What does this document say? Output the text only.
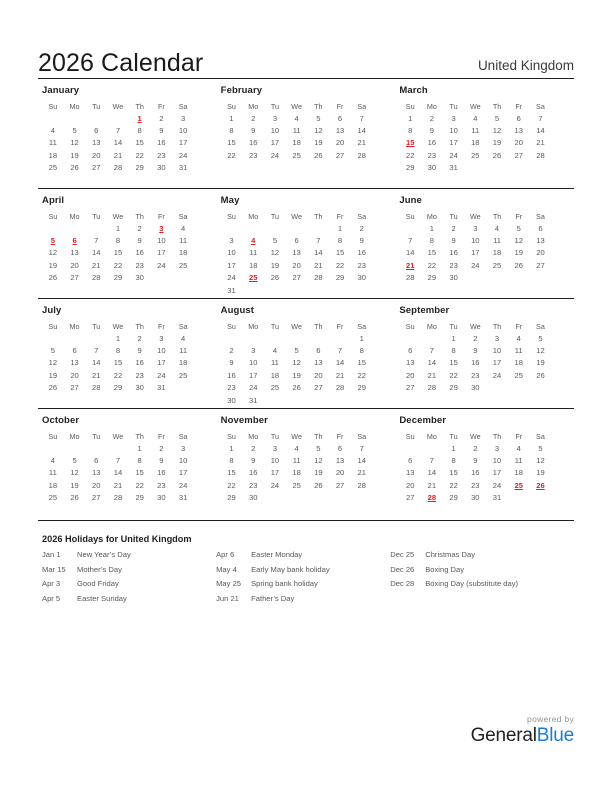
2026 Calendar	United Kingdom
January
Su	Mo	Tu	We	Th	Fr	Sa
				1	2	3
4	5	6	7	8	9	10
11	12	13	14	15	16	17
18	19	20	21	22	23	24
25	26	27	28	29	30	31
February
Su	Mo	Tu	We	Th	Fr	Sa
1	2	3	4	5	6	7
8	9	10	11	12	13	14
15	16	17	18	19	20	21
22	23	24	25	26	27	28
March
Su	Mo	Tu	We	Th	Fr	Sa
1	2	3	4	5	6	7
8	9	10	11	12	13	14
15	16	17	18	19	20	21
22	23	24	25	26	27	28
29	30	31				
April
Su	Mo	Tu	We	Th	Fr	Sa
			1	2	3	4
5	6	7	8	9	10	11
12	13	14	15	16	17	18
19	20	21	22	23	24	25
26	27	28	29	30		
May
Su	Mo	Tu	We	Th	Fr	Sa
					1	2
3	4	5	6	7	8	9
10	11	12	13	14	15	16
17	18	19	20	21	22	23
24	25	26	27	28	29	30
31						
June
Su	Mo	Tu	We	Th	Fr	Sa
	1	2	3	4	5	6
7	8	9	10	11	12	13
14	15	16	17	18	19	20
21	22	23	24	25	26	27
28	29	30				
July
Su	Mo	Tu	We	Th	Fr	Sa
			1	2	3	4
5	6	7	8	9	10	11
12	13	14	15	16	17	18
19	20	21	22	23	24	25
26	27	28	29	30	31	
August
Su	Mo	Tu	We	Th	Fr	Sa
						1
2	3	4	5	6	7	8
9	10	11	12	13	14	15
16	17	18	19	20	21	22
23	24	25	26	27	28	29
30	31					
September
Su	Mo	Tu	We	Th	Fr	Sa
		1	2	3	4	5
6	7	8	9	10	11	12
13	14	15	16	17	18	19
20	21	22	23	24	25	26
27	28	29	30			
October
Su	Mo	Tu	We	Th	Fr	Sa
				1	2	3
4	5	6	7	8	9	10
11	12	13	14	15	16	17
18	19	20	21	22	23	24
25	26	27	28	29	30	31
November
Su	Mo	Tu	We	Th	Fr	Sa
1	2	3	4	5	6	7
8	9	10	11	12	13	14
15	16	17	18	19	20	21
22	23	24	25	26	27	28
29	30					
December
Su	Mo	Tu	We	Th	Fr	Sa
		1	2	3	4	5
6	7	8	9	10	11	12
13	14	15	16	17	18	19
20	21	22	23	24	25	26
27	28	29	30	31		
2026 Holidays for United Kingdom
Jan 1	New Year’s Day
Mar 15	Mother’s Day
Apr 3	Good Friday
Apr 5	Easter Sunday
Apr 6	Easter Monday
May 4	Early May bank holiday
May 25	Spring bank holiday
Jun 21	Father’s Day
Dec 25	Christmas Day
Dec 26	Boxing Day
Dec 28	Boxing Day (substitute day)
powered by
GeneralBlue
